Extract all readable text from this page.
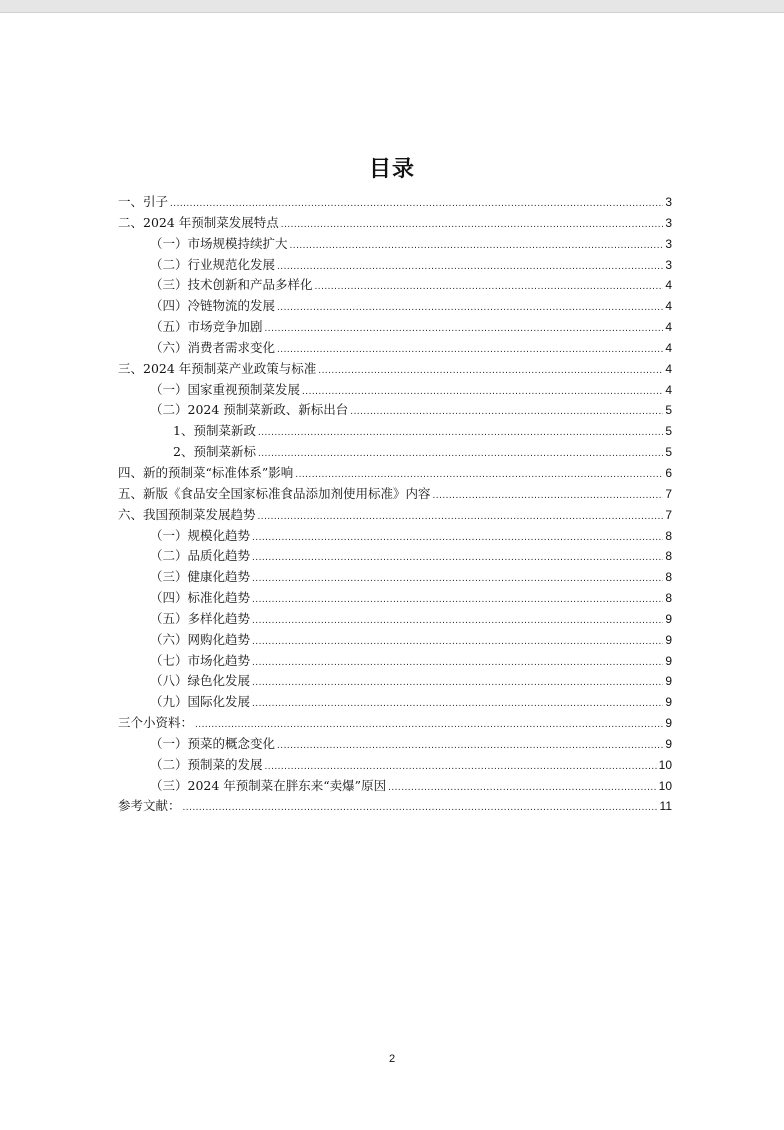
目录
一、引子 .....	3
二、2024 年预制菜发展特点 .....	3
（一）市场规模持续扩大 .....	3
（二）行业规范化发展 .....	3
（三）技术创新和产品多样化 .....	4
（四）冷链物流的发展 .....	4
（五）市场竞争加剧 .....	4
（六）消费者需求变化 .....	4
三、2024 年预制菜产业政策与标准 .....	4
（一）国家重视预制菜发展 .....	4
（二）2024 预制菜新政、新标出台 .....	5
1、预制菜新政 .....	5
2、预制菜新标 .....	5
四、新的预制菜“标准体系”影响 .....	6
五、新版《食品安全国家标准食品添加剂使用标准》内容 .....	7
六、我国预制菜发展趋势 .....	7
（一）规模化趋势 .....	8
（二）品质化趋势 .....	8
（三）健康化趋势 .....	8
（四）标准化趋势 .....	8
（五）多样化趋势 .....	9
（六）网购化趋势 .....	9
（七）市场化趋势 .....	9
（八）绿色化发展 .....	9
（九）国际化发展 .....	9
三个小资料： .....	9
（一）预菜的概念变化 .....	9
（二）预制菜的发展 .....	10
（三）2024 年预制菜在胖东来“卖爆”原因 .....	10
参考文献： .....	11
2
